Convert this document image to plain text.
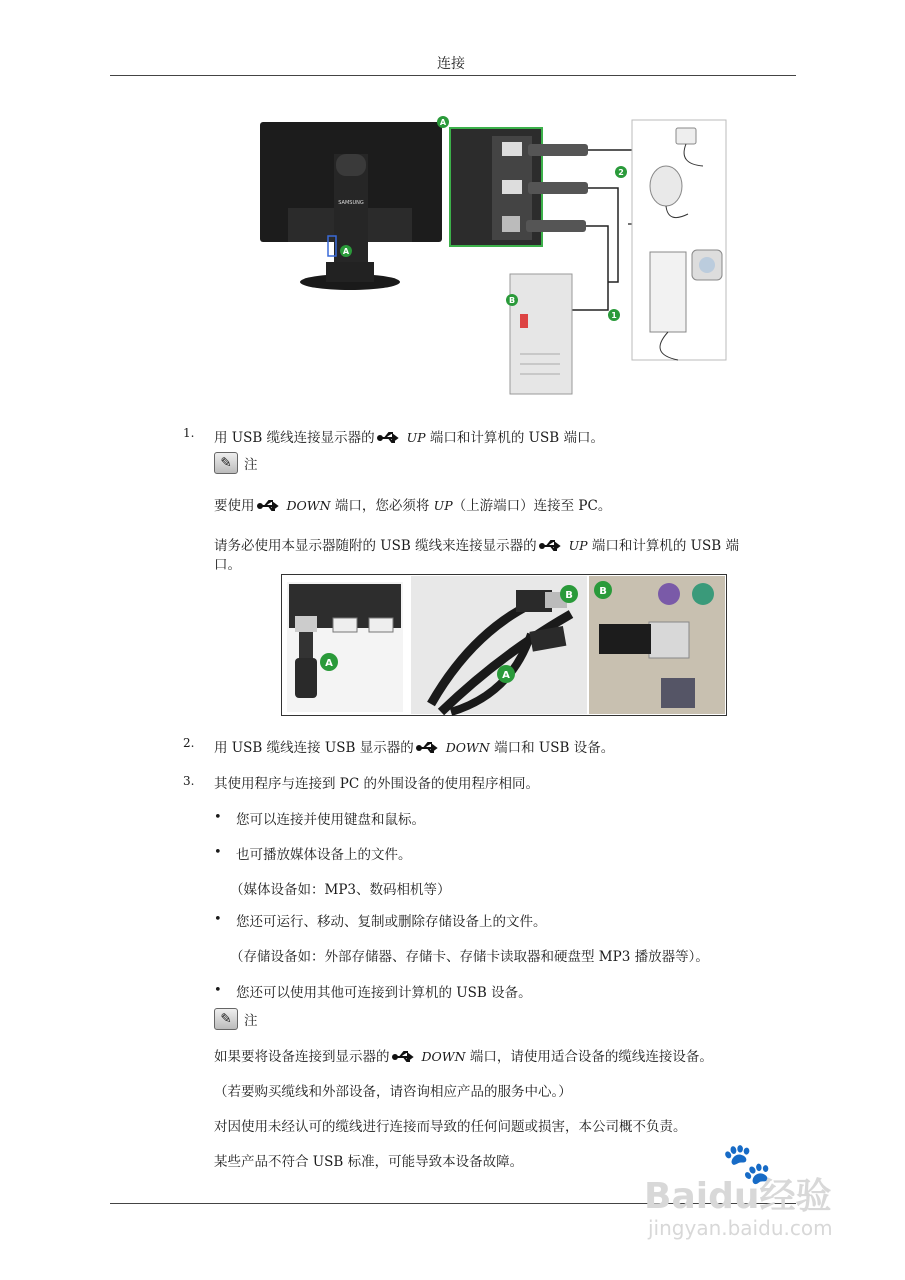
连接
SAMSUNG
A
A
2
B
1
1. 用 USB 缆线连接显示器的	UP 端口和计算机的 USB 端口。
✎ 注
要使用	DOWN 端口，您必须将 UP（上游端口）连接至 PC。
请务必使用本显示器随附的 USB 缆线来连接显示器的	UP 端口和计算机的 USB 端
口。
A
B
A
B
2. 用 USB 缆线连接 USB 显示器的	DOWN 端口和 USB 设备。
3. 其使用程序与连接到 PC 的外围设备的使用程序相同。
• 您可以连接并使用键盘和鼠标。
• 也可播放媒体设备上的文件。
（媒体设备如：MP3、数码相机等）
• 您还可运行、移动、复制或删除存储设备上的文件。
（存储设备如：外部存储器、存储卡、存储卡读取器和硬盘型 MP3 播放器等）。
• 您还可以使用其他可连接到计算机的 USB 设备。
✎ 注
如果要将设备连接到显示器的	DOWN 端口，请使用适合设备的缆线连接设备。
（若要购买缆线和外部设备，请咨询相应产品的服务中心。）
对因使用未经认可的缆线进行连接而导致的任何问题或损害，本公司概不负责。
某些产品不符合 USB 标准，可能导致本设备故障。	🐾
Baidu经验
jingyan.baidu.com
